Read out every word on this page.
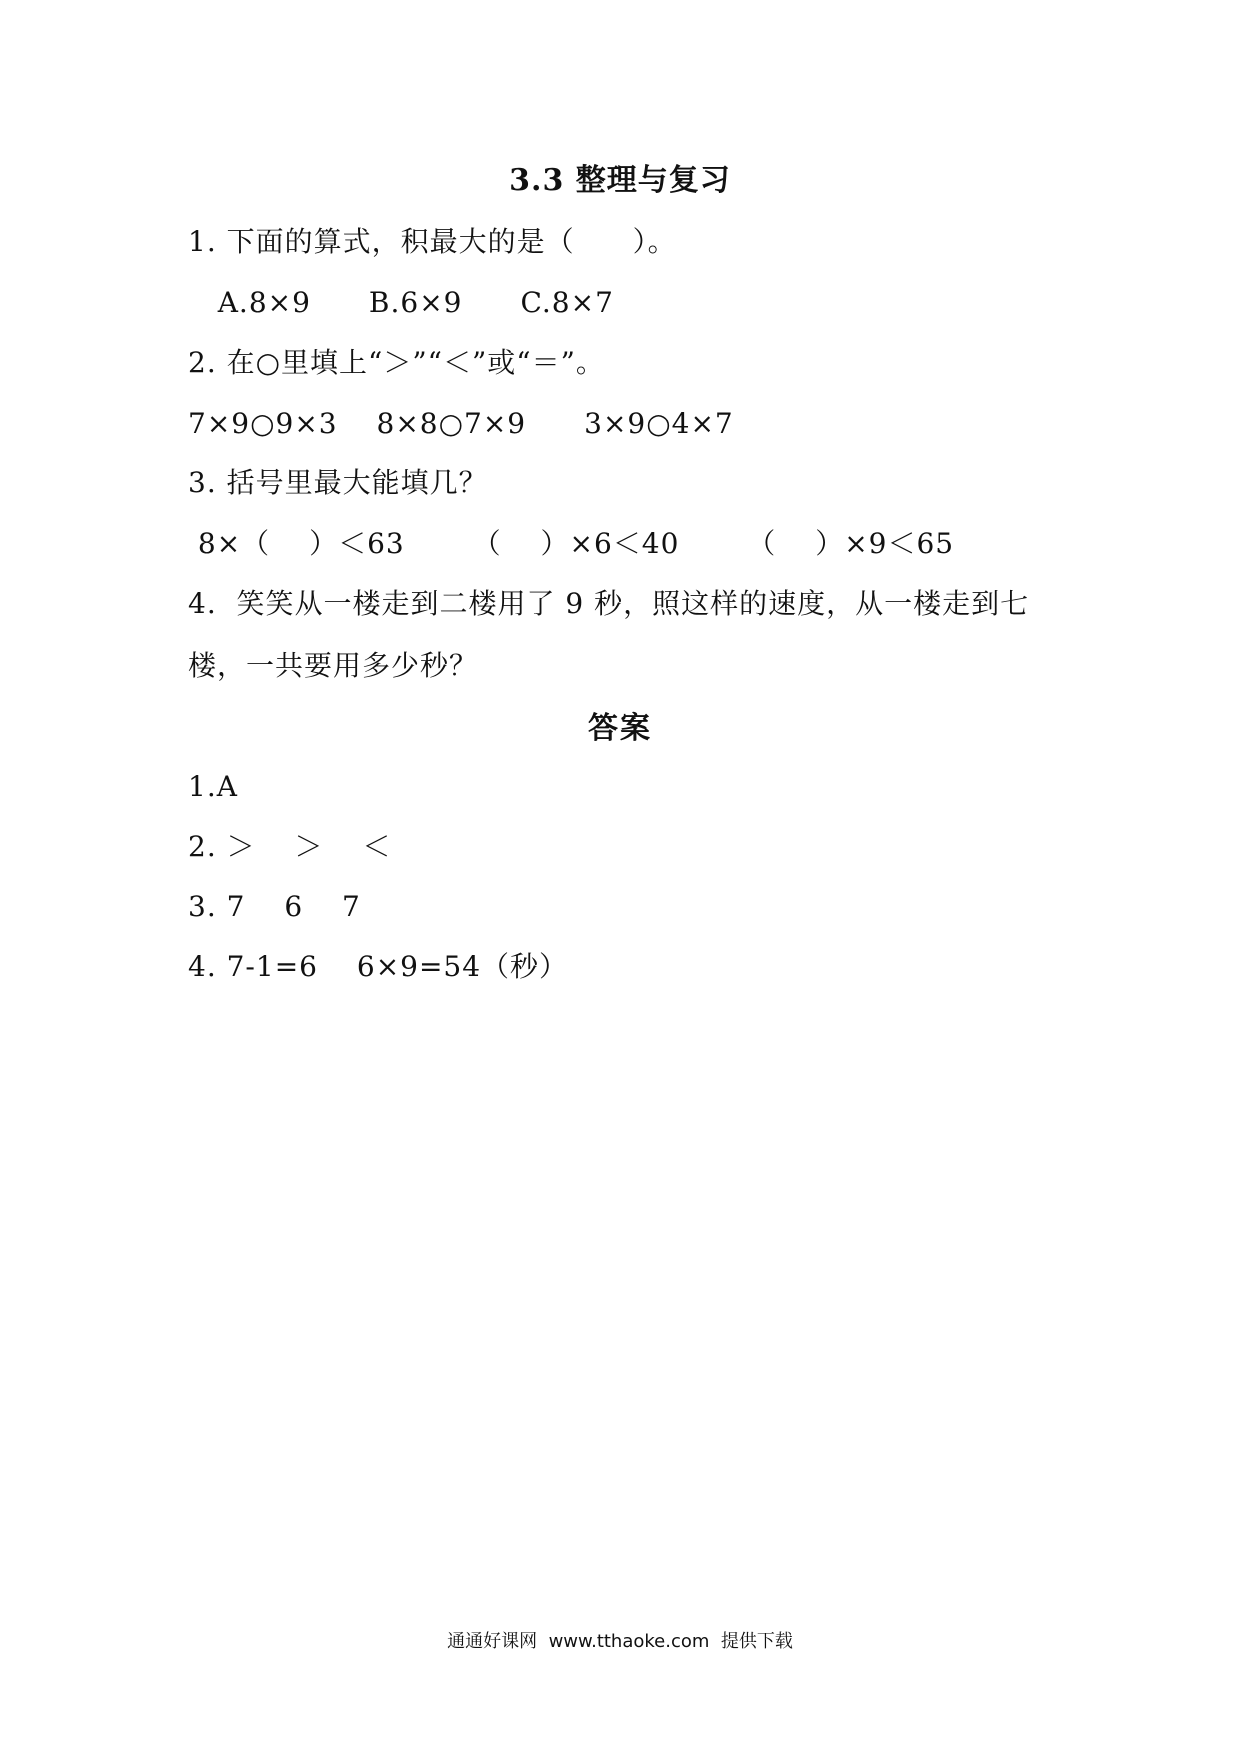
3.3 整理与复习
1. 下面的算式，积最大的是（　　）。
A.8×9　　B.6×9　　C.8×7
2. 在○里填上“＞”“＜”或“＝”。
7×9○9×3　 8×8○7×9　　3×9○4×7
3. 括号里最大能填几？
8×（　 ）＜63　　 （　 ）×6＜40　　 （　 ）×9＜65
4.  笑笑从一楼走到二楼用了 9 秒，照这样的速度，从一楼走到七
楼，一共要用多少秒？
答案
1.A
2. ＞　 ＞　 ＜
3. 7　 6　 7
4. 7-1=6　 6×9=54（秒）
通通好课网  www.tthaoke.com  提供下载
